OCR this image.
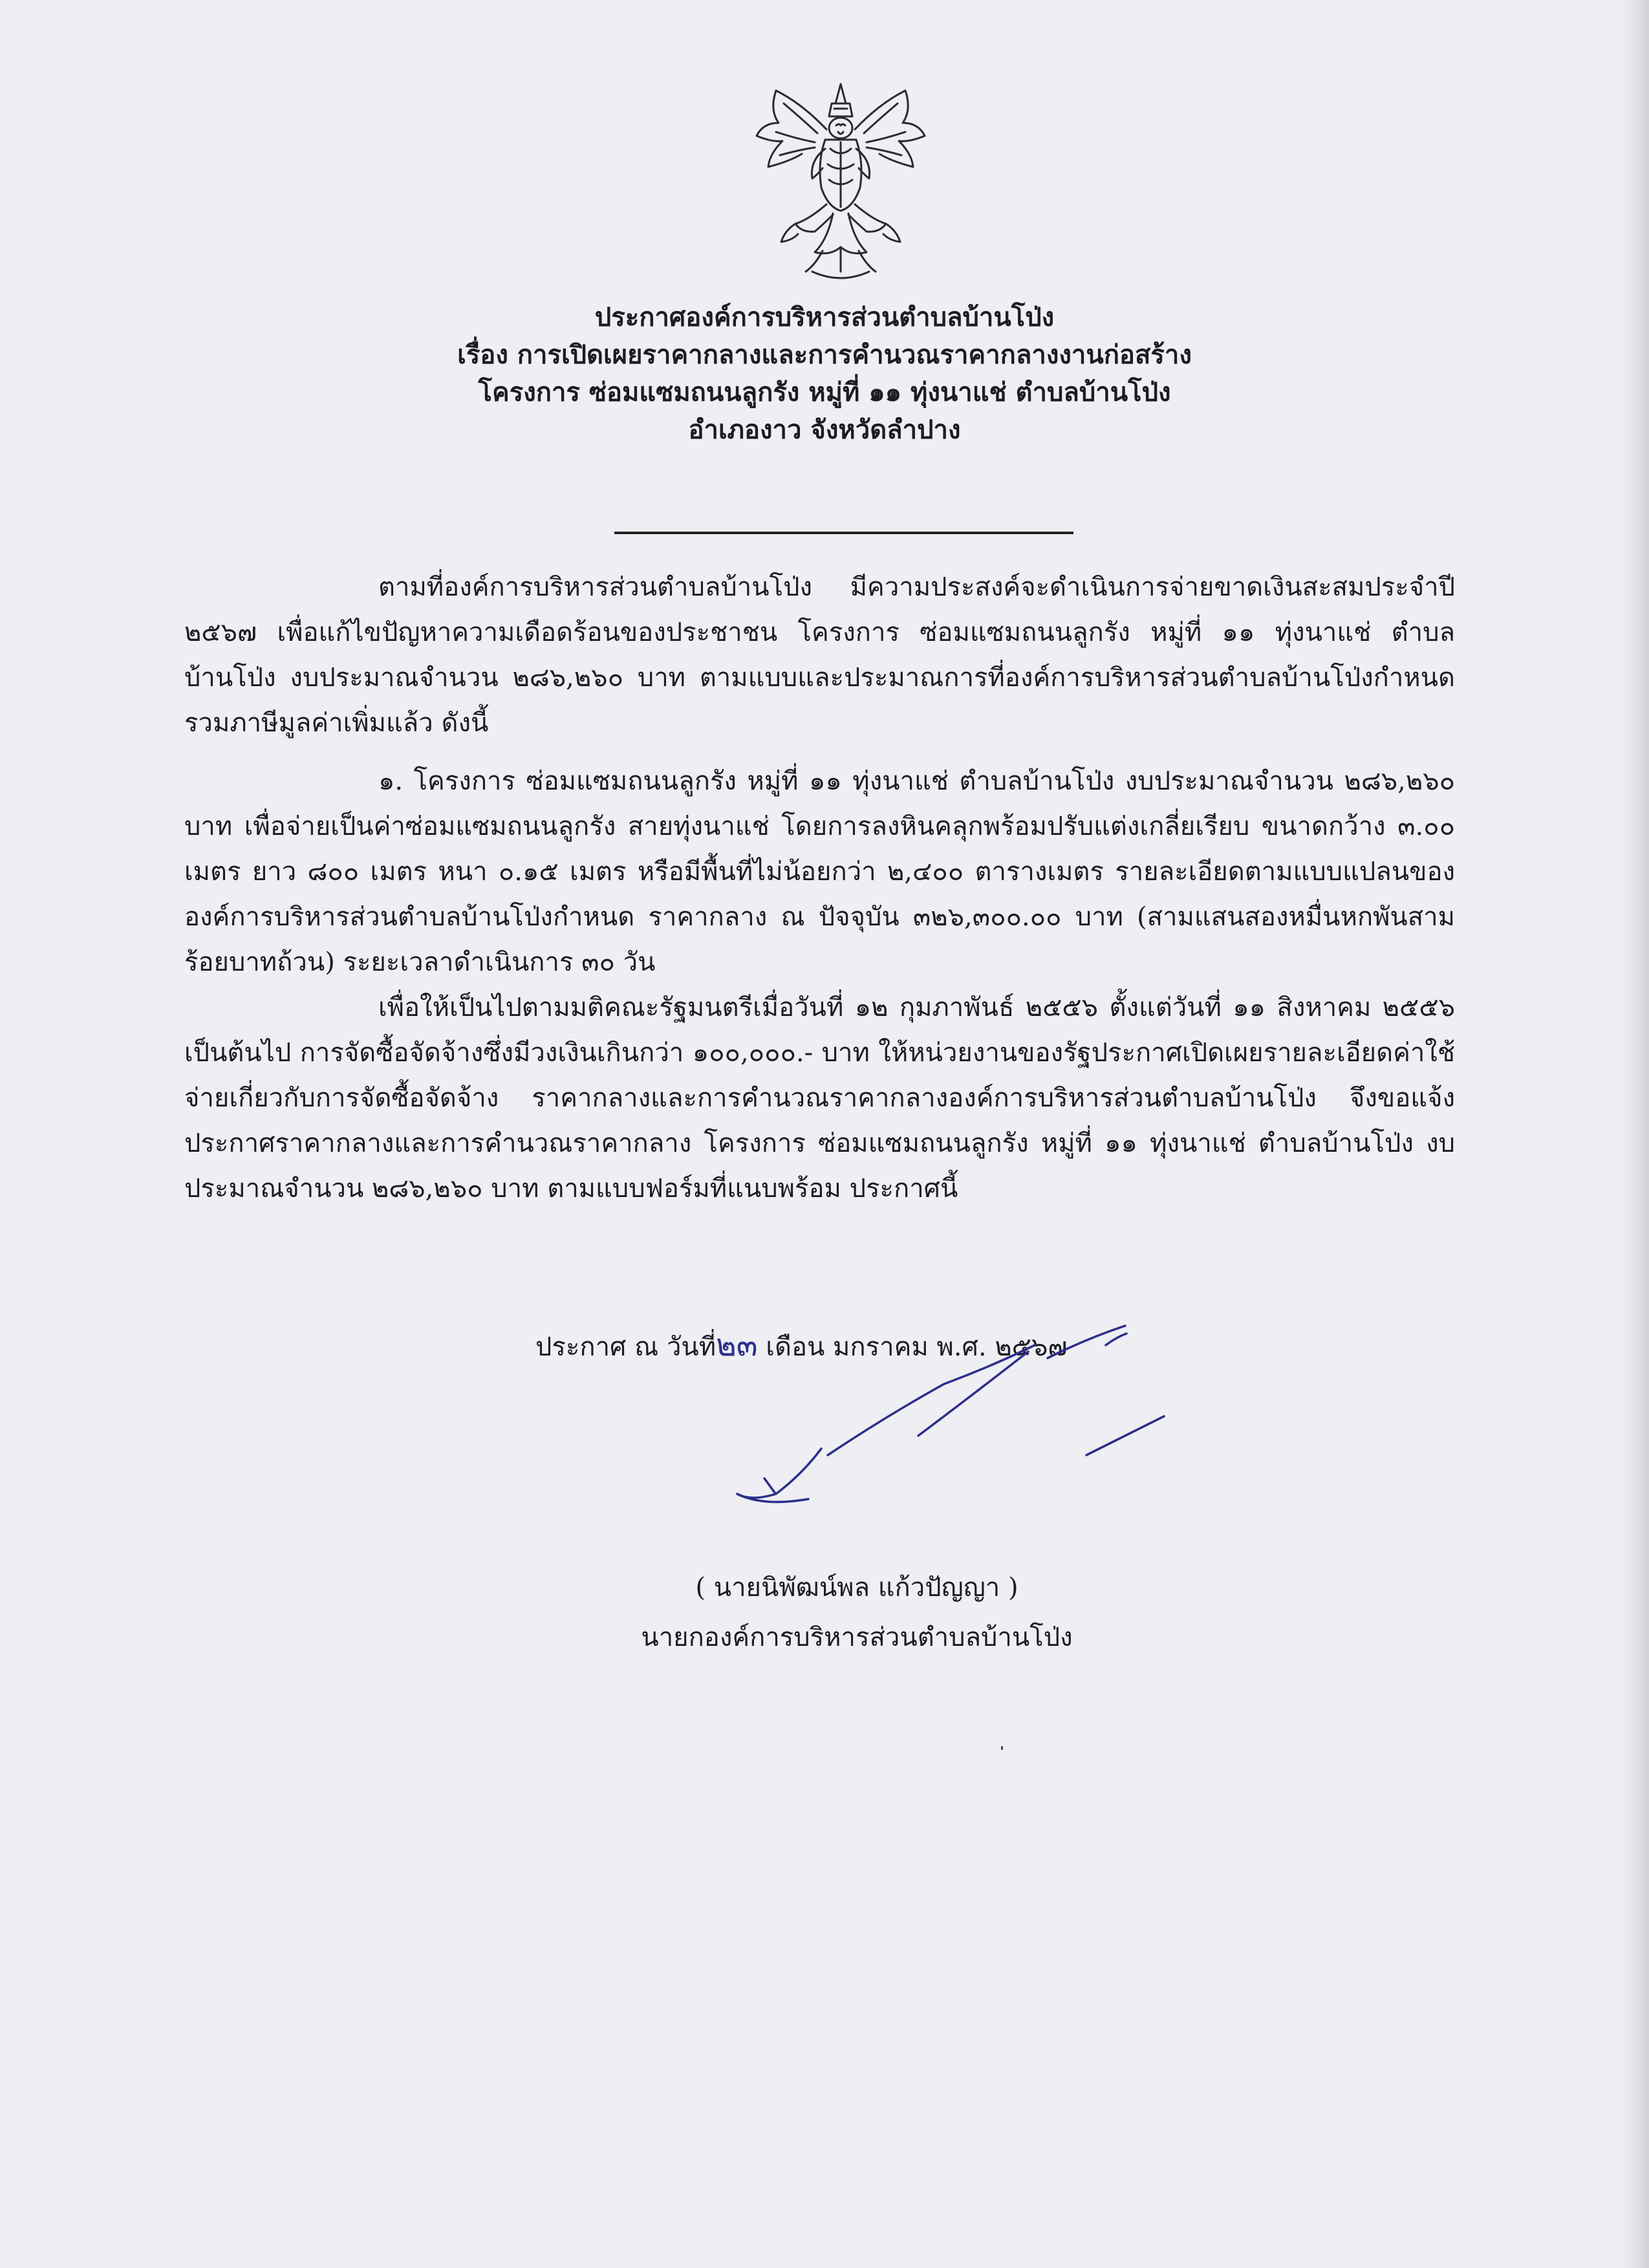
ประกาศองค์การบริหารส่วนตำบลบ้านโป่ง
เรื่อง การเปิดเผยราคากลางและการคำนวณราคากลางงานก่อสร้าง
โครงการ ซ่อมแซมถนนลูกรัง หมู่ที่ ๑๑ ทุ่งนาแช่ ตำบลบ้านโป่ง
อำเภองาว จังหวัดลำปาง

ตามที่องค์การบริหารส่วนตำบลบ้านโป่ง มีความประสงค์จะดำเนินการจ่ายขาดเงินสะสมประจำปี ๒๕๖๗ เพื่อแก้ไขปัญหาความเดือดร้อนของประชาชน โครงการ ซ่อมแซมถนนลูกรัง หมู่ที่ ๑๑ ทุ่งนาแช่ ตำบลบ้านโป่ง งบประมาณจำนวน ๒๘๖,๒๖๐ บาท ตามแบบและประมาณการที่องค์การบริหารส่วนตำบลบ้านโป่งกำหนด รวมภาษีมูลค่าเพิ่มแล้ว ดังนี้

๑. โครงการ ซ่อมแซมถนนลูกรัง หมู่ที่ ๑๑ ทุ่งนาแช่ ตำบลบ้านโป่ง งบประมาณจำนวน ๒๘๖,๒๖๐ บาท เพื่อจ่ายเป็นค่าซ่อมแซมถนนลูกรัง สายทุ่งนาแช่ โดยการลงหินคลุกพร้อมปรับแต่งเกลี่ยเรียบ ขนาดกว้าง ๓.๐๐ เมตร ยาว ๘๐๐ เมตร หนา ๐.๑๕ เมตร หรือมีพื้นที่ไม่น้อยกว่า ๒,๔๐๐ ตารางเมตร รายละเอียดตามแบบแปลนขององค์การบริหารส่วนตำบลบ้านโป่งกำหนด ราคากลาง ณ ปัจจุบัน ๓๒๖,๓๐๐.๐๐ บาท (สามแสนสองหมื่นหกพันสามร้อยบาทถ้วน) ระยะเวลาดำเนินการ ๓๐ วัน

เพื่อให้เป็นไปตามมติคณะรัฐมนตรีเมื่อวันที่ ๑๒ กุมภาพันธ์ ๒๕๕๖ ตั้งแต่วันที่ ๑๑ สิงหาคม ๒๕๕๖ เป็นต้นไป การจัดซื้อจัดจ้างซึ่งมีวงเงินเกินกว่า ๑๐๐,๐๐๐.- บาท ให้หน่วยงานของรัฐประกาศเปิดเผยรายละเอียดค่าใช้จ่ายเกี่ยวกับการจัดซื้อจัดจ้าง ราคากลางและการคำนวณราคากลางองค์การบริหารส่วนตำบลบ้านโป่ง จึงขอแจ้งประกาศราคากลางและการคำนวณราคากลาง โครงการ ซ่อมแซมถนนลูกรัง หมู่ที่ ๑๑ ทุ่งนาแช่ ตำบลบ้านโป่ง งบประมาณจำนวน ๒๘๖,๒๖๐ บาท ตามแบบฟอร์มที่แนบพร้อม ประกาศนี้

ประกาศ ณ วันที่๒๓ เดือน มกราคม พ.ศ. ๒๕๖๗
( นายนิพัฒน์พล แก้วปัญญา )
นายกองค์การบริหารส่วนตำบลบ้านโป่ง
